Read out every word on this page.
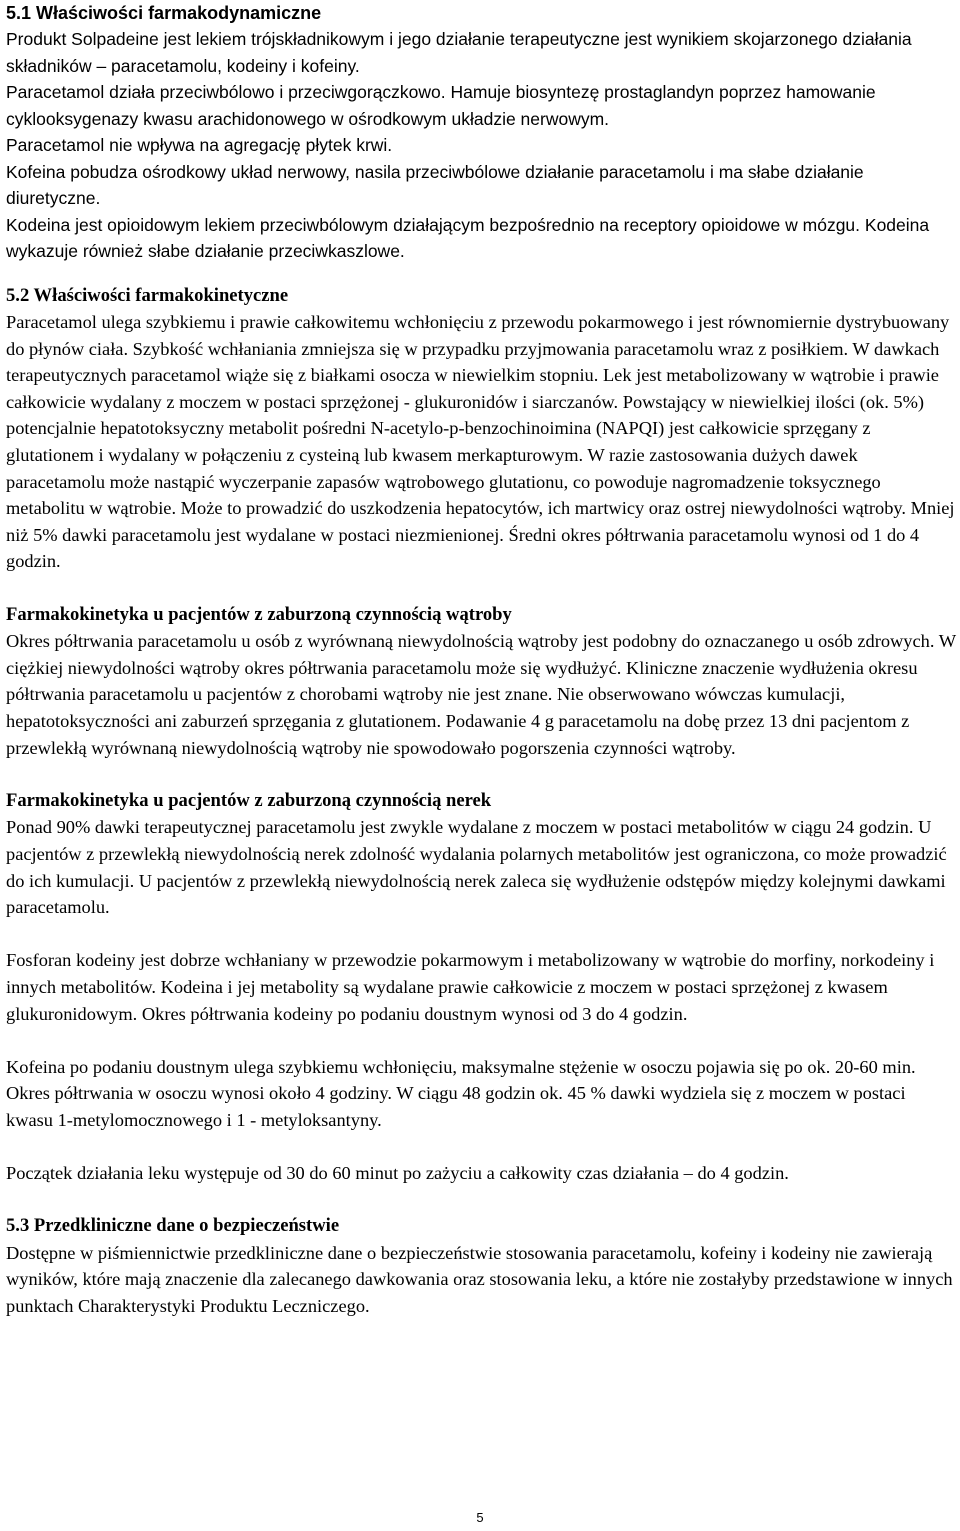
5.1 Właściwości farmakodynamiczne

Produkt Solpadeine jest lekiem trójskładnikowym i jego działanie terapeutyczne jest wynikiem skojarzonego działania składników – paracetamolu, kodeiny i kofeiny.

Paracetamol działa przeciwbólowo i przeciwgorączkowo. Hamuje biosyntezę prostaglandyn poprzez hamowanie cyklooksygenazy kwasu arachidonowego w ośrodkowym układzie nerwowym.

Paracetamol nie wpływa na agregację płytek krwi.

Kofeina pobudza ośrodkowy układ nerwowy, nasila przeciwbólowe działanie paracetamolu i ma słabe działanie diuretyczne.

Kodeina jest opioidowym lekiem przeciwbólowym działającym bezpośrednio na receptory opioidowe w mózgu. Kodeina wykazuje również słabe działanie przeciwkaszlowe.

5.2 Właściwości farmakokinetyczne

Paracetamol ulega szybkiemu i prawie całkowitemu wchłonięciu z przewodu pokarmowego i jest równomiernie dystrybuowany do płynów ciała. Szybkość wchłaniania zmniejsza się w przypadku przyjmowania paracetamolu wraz z posiłkiem. W dawkach terapeutycznych paracetamol wiąże się z białkami osocza w niewielkim stopniu. Lek jest metabolizowany w wątrobie i prawie całkowicie wydalany z moczem w postaci sprzężonej - glukuronidów i siarczanów. Powstający w niewielkiej ilości (ok. 5%) potencjalnie hepatotoksyczny metabolit pośredni N-acetylo-p-benzochinoimina (NAPQI) jest całkowicie sprzęgany z glutationem i wydalany w połączeniu z cysteiną lub kwasem merkapturowym. W razie zastosowania dużych dawek paracetamolu może nastąpić wyczerpanie zapasów wątrobowego glutationu, co powoduje nagromadzenie toksycznego metabolitu w wątrobie. Może to prowadzić do uszkodzenia hepatocytów, ich martwicy oraz ostrej niewydolności wątroby. Mniej niż 5% dawki paracetamolu jest wydalane w postaci niezmienionej. Średni okres półtrwania paracetamolu wynosi od 1 do 4 godzin.

Farmakokinetyka u pacjentów z zaburzoną czynnością wątroby

Okres półtrwania paracetamolu u osób z wyrównaną niewydolnością wątroby jest podobny do oznaczanego u osób zdrowych. W ciężkiej niewydolności wątroby okres półtrwania paracetamolu może się wydłużyć. Kliniczne znaczenie wydłużenia okresu półtrwania paracetamolu u pacjentów z chorobami wątroby nie jest znane. Nie obserwowano wówczas kumulacji, hepatotoksyczności ani zaburzeń sprzęgania z glutationem. Podawanie 4 g paracetamolu na dobę przez 13 dni pacjentom z przewlekłą wyrównaną niewydolnością wątroby nie spowodowało pogorszenia czynności wątroby.

Farmakokinetyka u pacjentów z zaburzoną czynnością nerek

Ponad 90% dawki terapeutycznej paracetamolu jest zwykle wydalane z moczem w postaci metabolitów w ciągu 24 godzin. U pacjentów z przewlekłą niewydolnością nerek zdolność wydalania polarnych metabolitów jest ograniczona, co może prowadzić do ich kumulacji. U pacjentów z przewlekłą niewydolnością nerek zaleca się wydłużenie odstępów między kolejnymi dawkami paracetamolu.

Fosforan kodeiny jest dobrze wchłaniany w przewodzie pokarmowym i metabolizowany w wątrobie do morfiny, norkodeiny i innych metabolitów. Kodeina i jej metabolity są wydalane prawie całkowicie z moczem w postaci sprzężonej z kwasem glukuronidowym. Okres półtrwania kodeiny po podaniu doustnym wynosi od 3 do 4 godzin.

Kofeina po podaniu doustnym ulega szybkiemu wchłonięciu, maksymalne stężenie w osoczu pojawia się po ok. 20-60 min. Okres półtrwania w osoczu wynosi około 4 godziny. W ciągu 48 godzin ok. 45 % dawki wydziela się z moczem w postaci kwasu 1-metylomocznowego i 1 - metyloksantyny.

Początek działania leku występuje od 30 do 60 minut po zażyciu a całkowity czas działania – do 4 godzin.

5.3 Przedkliniczne dane o bezpieczeństwie

Dostępne w piśmiennictwie przedkliniczne dane o bezpieczeństwie stosowania paracetamolu, kofeiny i kodeiny nie zawierają wyników, które mają znaczenie dla zalecanego dawkowania oraz stosowania leku, a które nie zostałyby przedstawione w innych punktach Charakterystyki Produktu Leczniczego.

5
